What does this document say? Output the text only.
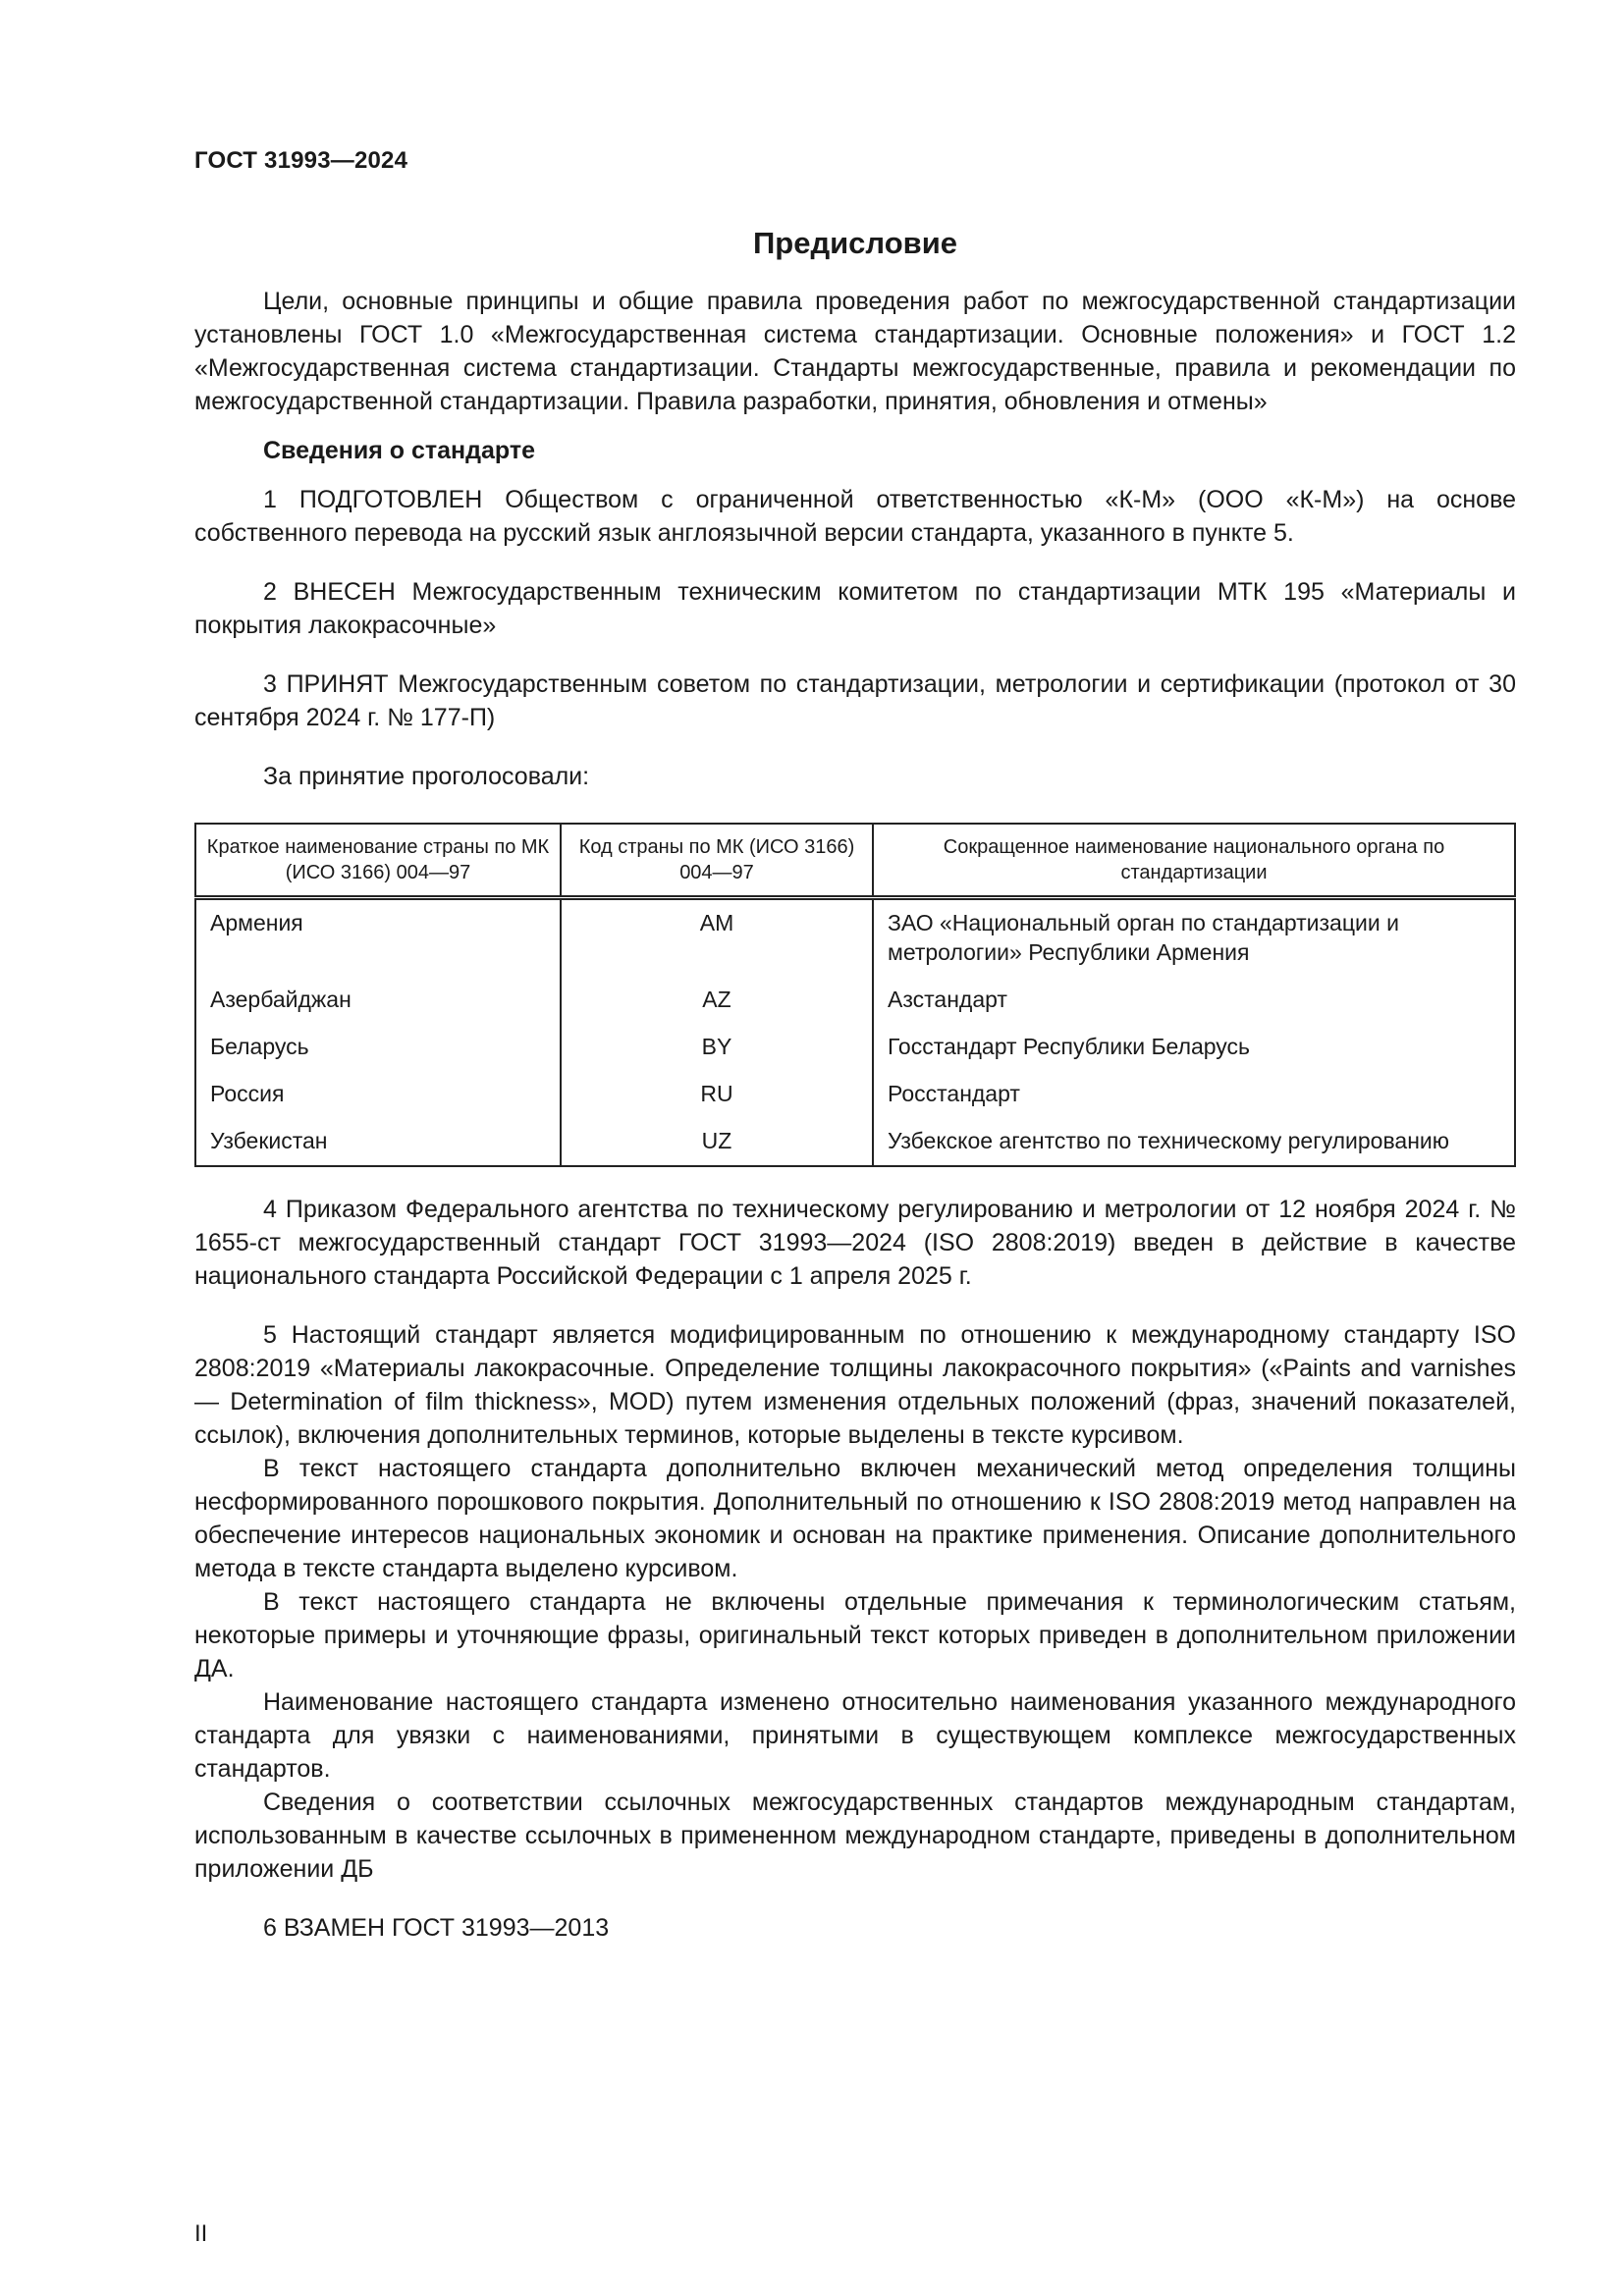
ГОСТ 31993—2024
Предисловие

Цели, основные принципы и общие правила проведения работ по межгосударственной стандартизации установлены ГОСТ 1.0 «Межгосударственная система стандартизации. Основные положения» и ГОСТ 1.2 «Межгосударственная система стандартизации. Стандарты межгосударственные, правила и рекомендации по межгосударственной стандартизации. Правила разработки, принятия, обновления и отмены»

Сведения о стандарте

1 ПОДГОТОВЛЕН Обществом с ограниченной ответственностью «К-М» (ООО «К-М») на основе собственного перевода на русский язык англоязычной версии стандарта, указанного в пункте 5.

2 ВНЕСЕН Межгосударственным техническим комитетом по стандартизации МТК 195 «Материалы и покрытия лакокрасочные»

3 ПРИНЯТ Межгосударственным советом по стандартизации, метрологии и сертификации (протокол от 30 сентября 2024 г. № 177-П)

За принятие проголосовали:

Краткое наименование страны по МК (ИСО 3166) 004—97	Код страны по МК (ИСО 3166) 004—97	Сокращенное наименование национального органа по стандартизации
Армения	AM	ЗАО «Национальный орган по стандартизации и метрологии» Республики Армения
Азербайджан	AZ	Азстандарт
Беларусь	BY	Госстандарт Республики Беларусь
Россия	RU	Росстандарт
Узбекистан	UZ	Узбекское агентство по техническому регулированию

4 Приказом Федерального агентства по техническому регулированию и метрологии от 12 ноября 2024 г. № 1655-ст межгосударственный стандарт ГОСТ 31993—2024 (ISO 2808:2019) введен в действие в качестве национального стандарта Российской Федерации с 1 апреля 2025 г.

5 Настоящий стандарт является модифицированным по отношению к международному стандарту ISO 2808:2019 «Материалы лакокрасочные. Определение толщины лакокрасочного покрытия» («Paints and varnishes — Determination of film thickness», MOD) путем изменения отдельных положений (фраз, значений показателей, ссылок), включения дополнительных терминов, которые выделены в тексте курсивом.

В текст настоящего стандарта дополнительно включен механический метод определения толщины несформированного порошкового покрытия. Дополнительный по отношению к ISO 2808:2019 метод направлен на обеспечение интересов национальных экономик и основан на практике применения. Описание дополнительного метода в тексте стандарта выделено курсивом.

В текст настоящего стандарта не включены отдельные примечания к терминологическим статьям, некоторые примеры и уточняющие фразы, оригинальный текст которых приведен в дополнительном приложении ДА.

Наименование настоящего стандарта изменено относительно наименования указанного международного стандарта для увязки с наименованиями, принятыми в существующем комплексе межгосударственных стандартов.

Сведения о соответствии ссылочных межгосударственных стандартов международным стандартам, использованным в качестве ссылочных в примененном международном стандарте, приведены в дополнительном приложении ДБ

6 ВЗАМЕН ГОСТ 31993—2013

II
